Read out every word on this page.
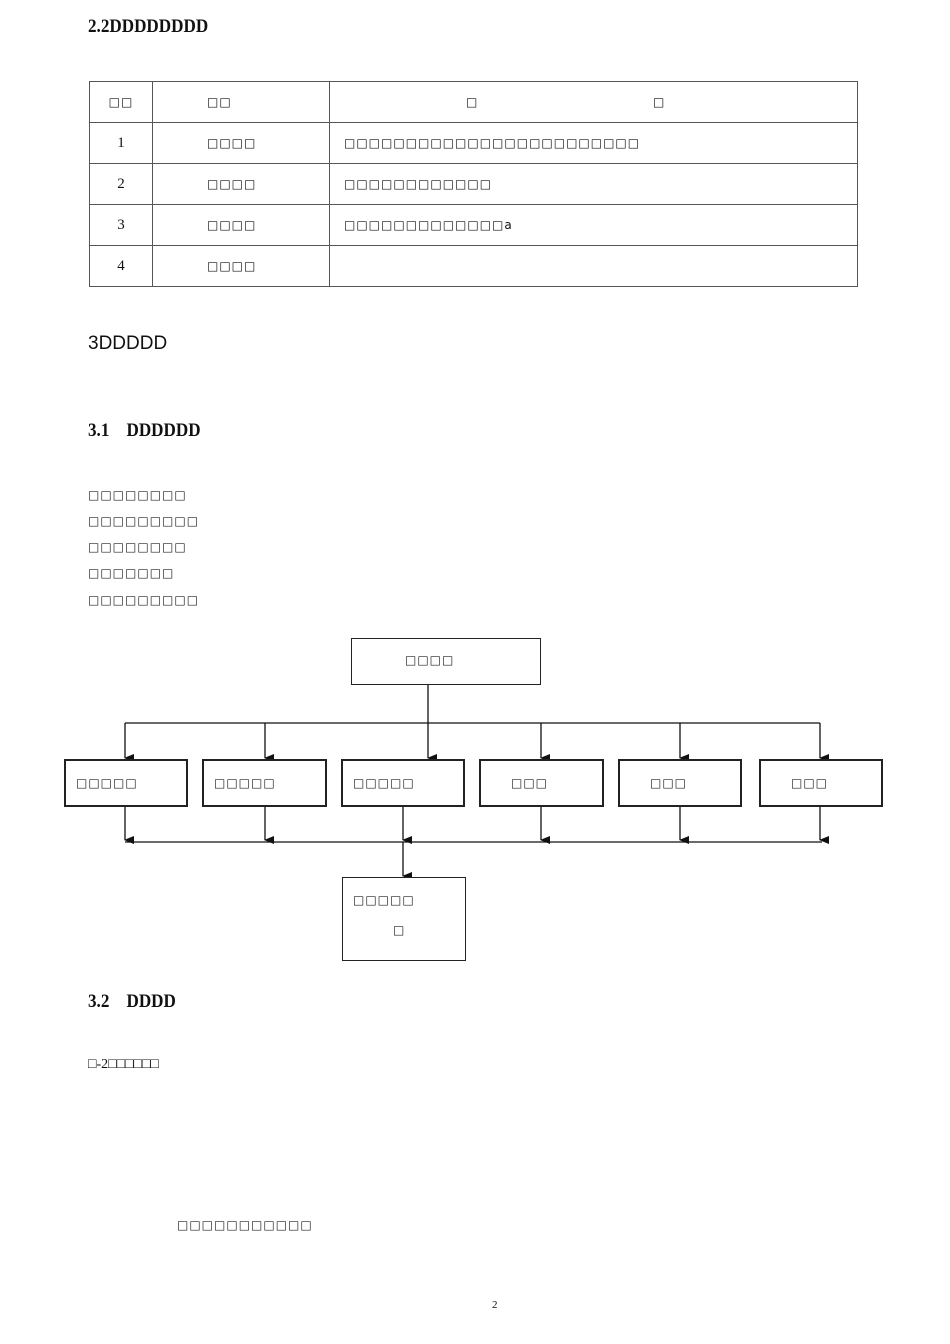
2.2DDDDDDDD
□□	□□	□ □

1	□□□□	□□□□□□□□□□□□□□□□□□□□□□□□
2	□□□□	□□□□□□□□□□□□
3	□□□□	□□□□□□□□□□□□□a
4	□□□□	
3DDDDD
3.1 DDDDDD
□□□□□□□□
□□□□□□□□□
□□□□□□□□
□□□□□□□
□□□□□□□□□
□□□□
□□□□□	□□□□□	□□□□□	□□□	□□□	□□□
□□□□□
□
3.2 DDDD
□-2□□□□□□
□□□□□□□□□□□
2
